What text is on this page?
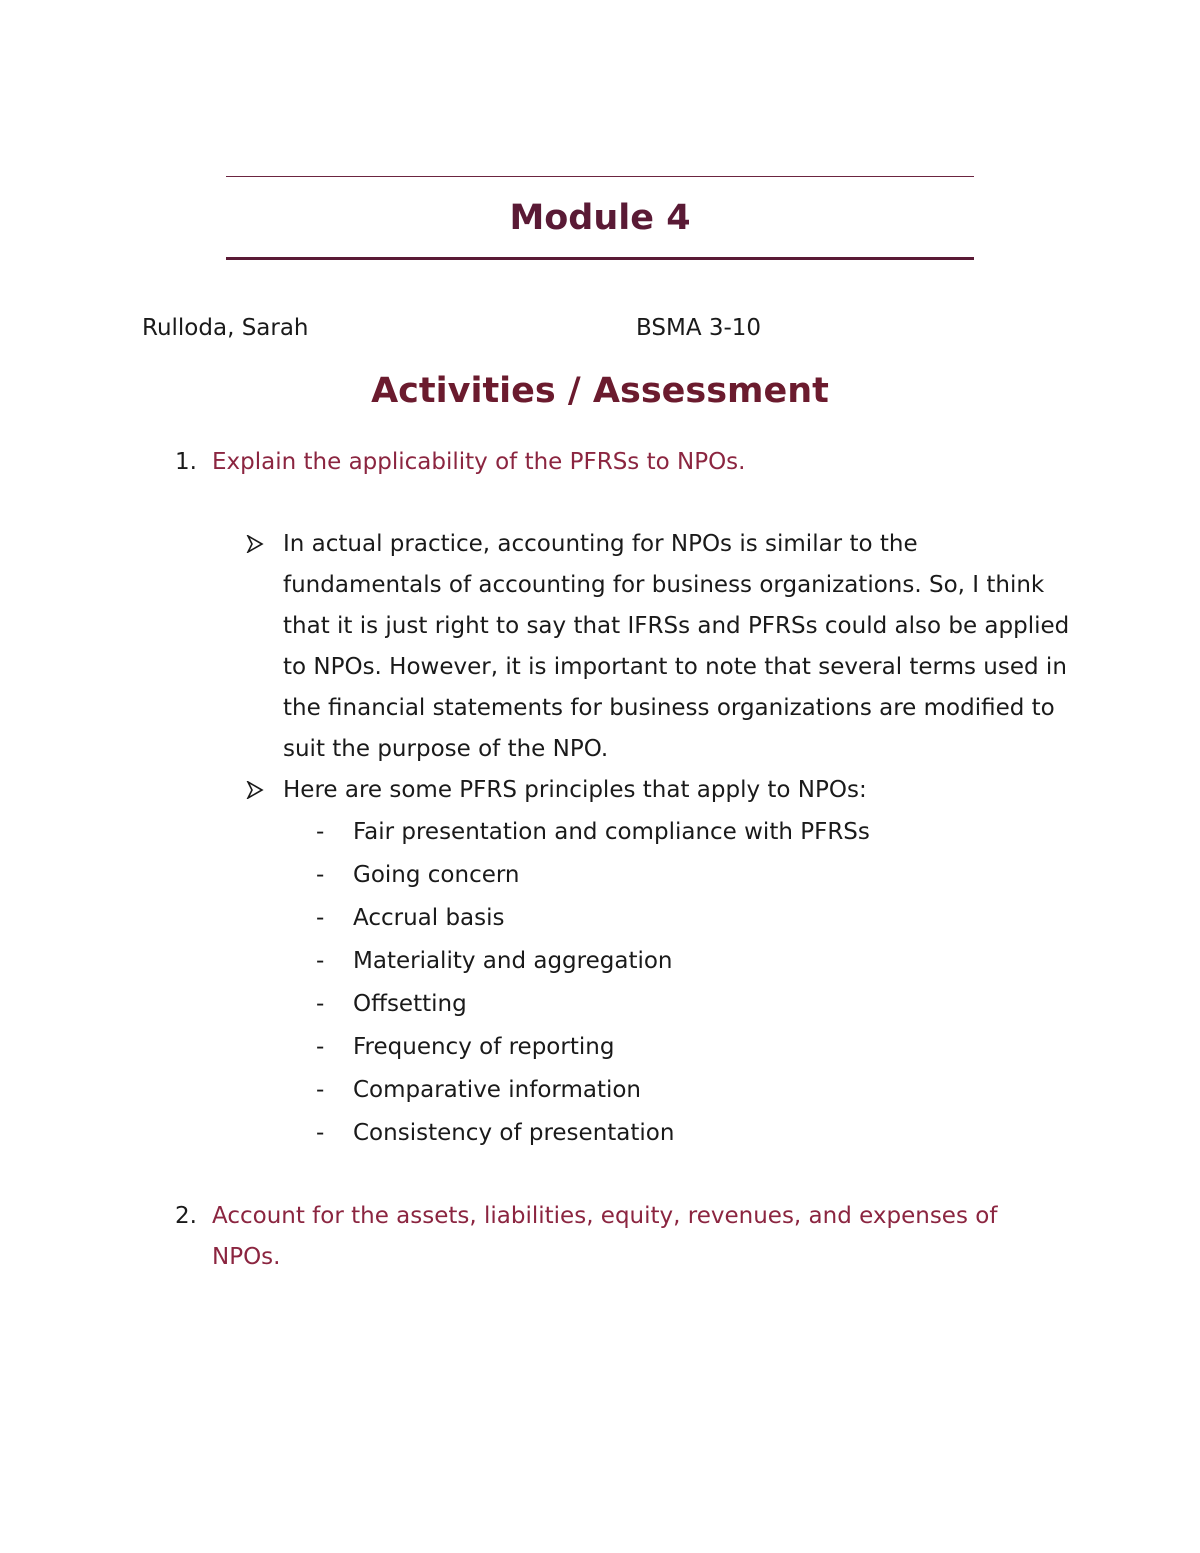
Module 4
Rulloda, Sarah	BSMA 3-10
Activities / Assessment
1. Explain the applicability of the PFRSs to NPOs.
In actual practice, accounting for NPOs is similar to the fundamentals of accounting for business organizations. So, I think that it is just right to say that IFRSs and PFRSs could also be applied to NPOs. However, it is important to note that several terms used in the financial statements for business organizations are modified to suit the purpose of the NPO.
Here are some PFRS principles that apply to NPOs:
- Fair presentation and compliance with PFRSs
- Going concern
- Accrual basis
- Materiality and aggregation
- Offsetting
- Frequency of reporting
- Comparative information
- Consistency of presentation
2. Account for the assets, liabilities, equity, revenues, and expenses of NPOs.
